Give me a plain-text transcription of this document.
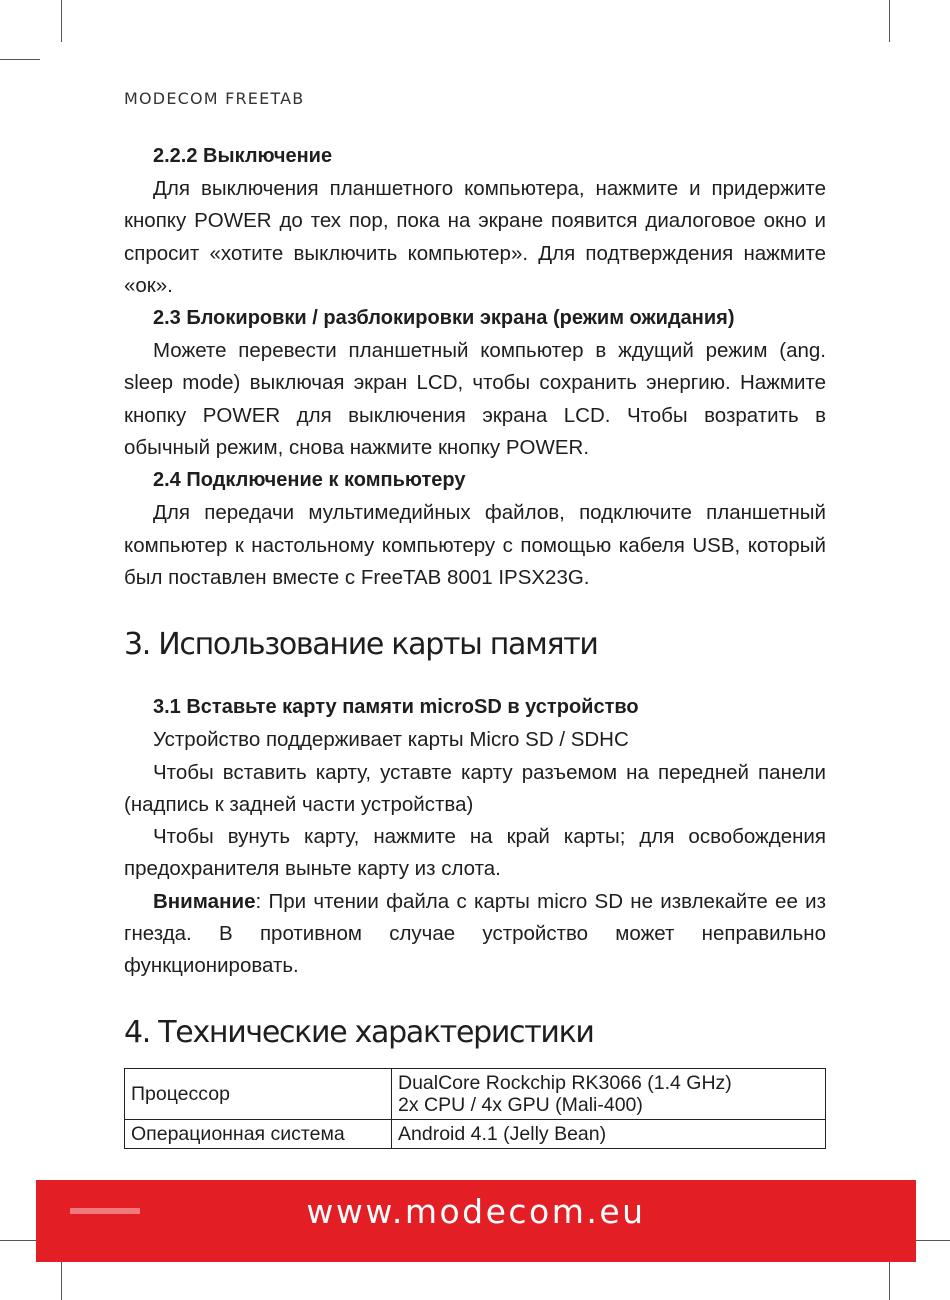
MODECOM FREETAB
2.2.2 Выключение

Для выключения планшетного компьютера, нажмите и придержите кнопку POWER до тех пор, пока на экране появится диалоговое окно и спросит «хотите выключить компьютер». Для подтверждения нажмите «ок».

2.3 Блокировки / разблокировки экрана (режим ожидания)

Можете перевести планшетный компьютер в ждущий режим (ang. sleep mode) выключая экран LCD, чтобы сохранить энергию. Нажмите кнопку POWER для выключения экрана LCD. Чтобы возратить в обычный режим, снова нажмите кнопку POWER.

2.4 Подключение к компьютеру

Для передачи мультимедийных файлов, подключите планшетный компьютер к настольному компьютеру с помощью кабеля USB, который был поставлен вместе с FreeTAB 8001 IPSX23G.

3. Использование карты памяти
3.1 Вставьте карту памяти microSD в устройство

Устройство поддерживает карты Micro SD / SDHC

Чтобы вставить карту, уставте карту разъемом на передней панели (надпись к задней части устройства)

Чтобы вунуть карту, нажмите на край карты; для освобождения предохранителя выньте карту из слота.

Внимание: При чтении файла с карты micro SD не извлекайте ее из гнезда. В противном случае устройство может неправильно функционировать.

4. Технические характеристики
Процессор	DualCore Rockchip RK3066 (1.4 GHz)
2x CPU / 4x GPU (Mali-400)

Операционная система	Android 4.1 (Jelly Bean)
www.modecom.eu
